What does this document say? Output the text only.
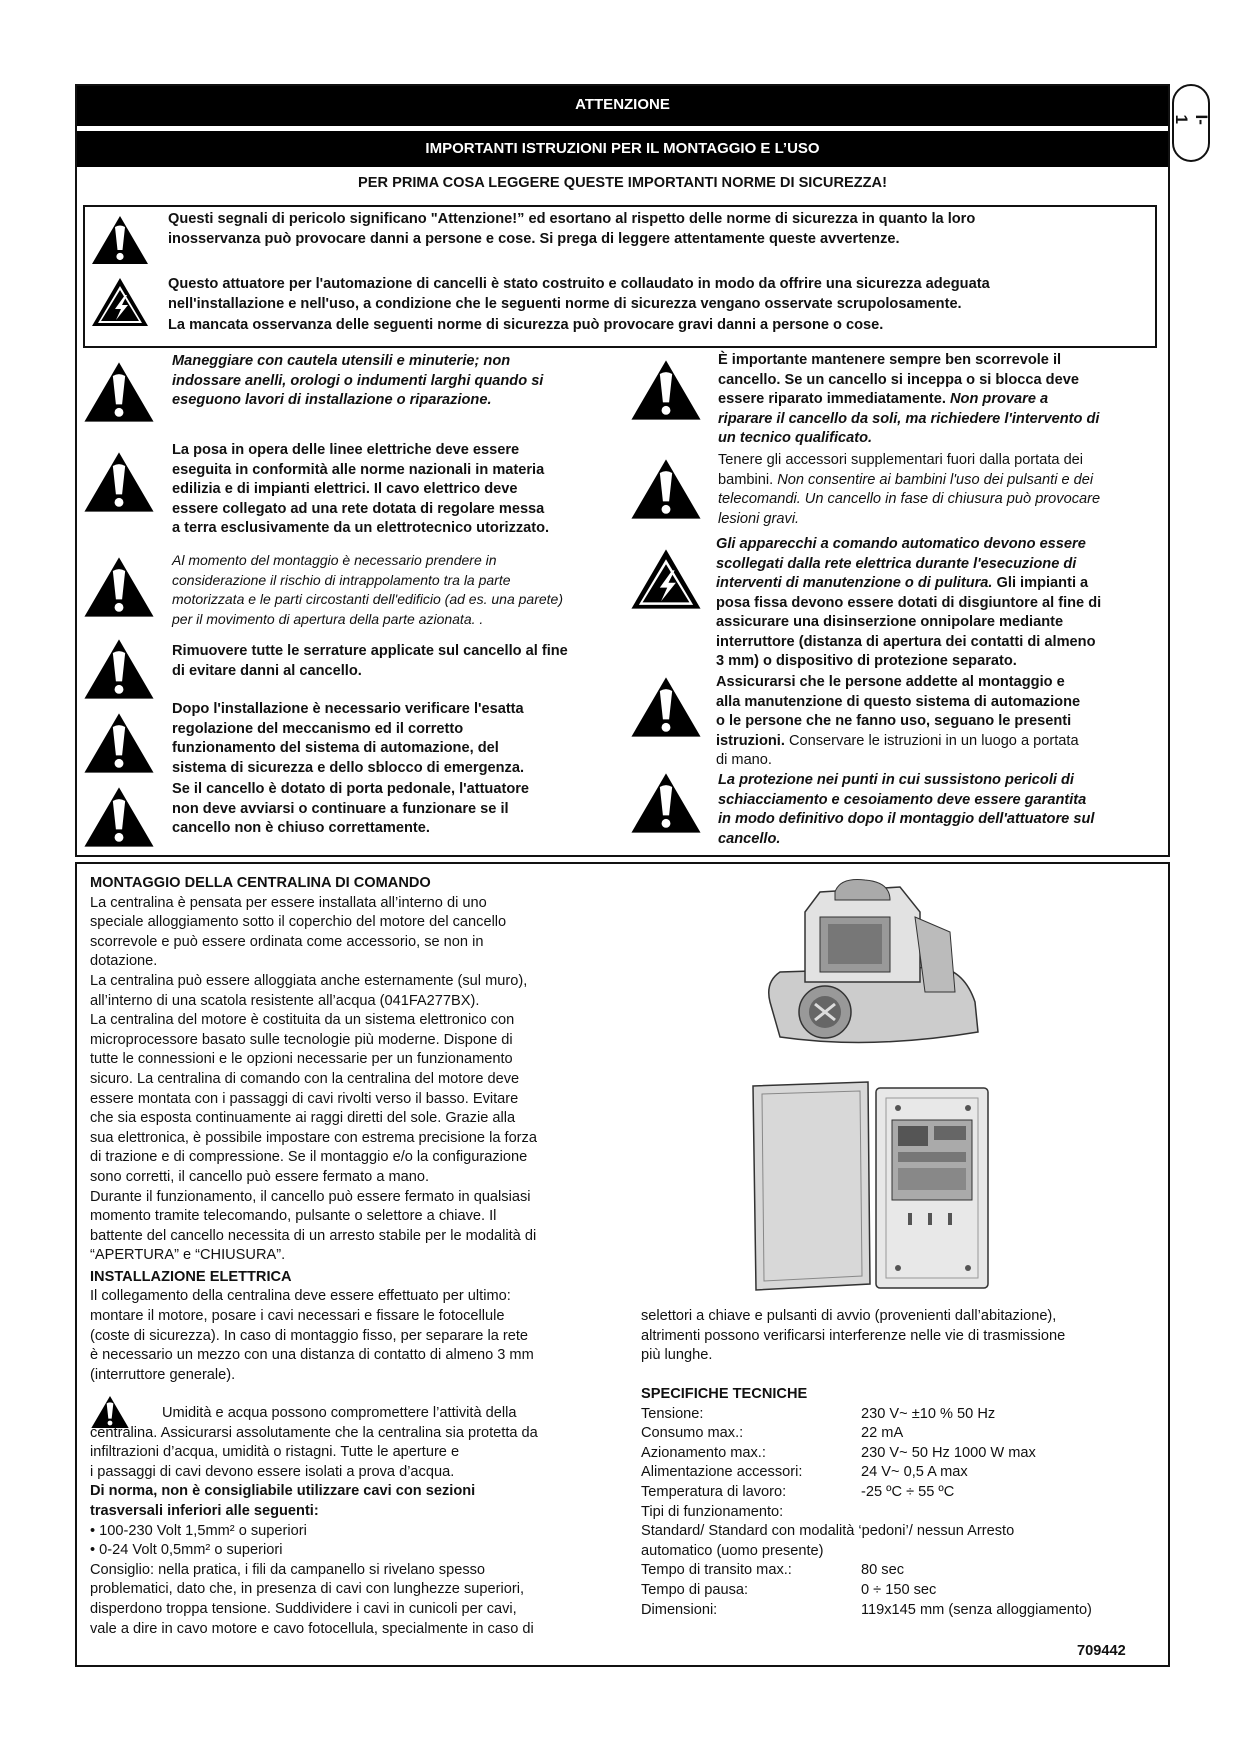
I-1
ATTENZIONE
IMPORTANTI ISTRUZIONI PER IL MONTAGGIO E L’USO
PER PRIMA COSA LEGGERE QUESTE IMPORTANTI NORME DI SICUREZZA!
Questi segnali di pericolo significano "Attenzione!” ed esortano al rispetto delle norme di sicurezza in quanto la loro
inosservanza può provocare danni a persone e cose. Si prega di leggere attentamente queste avvertenze.
Questo attuatore per l'automazione di cancelli è stato costruito e collaudato in modo da offrire una sicurezza adeguata
nell'installazione e nell'uso, a condizione che le seguenti norme di sicurezza vengano osservate scrupolosamente.
La mancata osservanza delle seguenti norme di sicurezza può provocare gravi danni a persone o cose.
Maneggiare con cautela utensili e minuterie; non
indossare anelli, orologi o indumenti larghi quando si
eseguono lavori di installazione o riparazione.
La posa in opera delle linee elettriche deve essere
eseguita in conformità alle norme nazionali in materia
edilizia e di impianti elettrici. Il cavo elettrico deve
essere collegato ad una rete dotata di regolare messa
a terra esclusivamente da un elettrotecnico utorizzato.
Al momento del montaggio è necessario prendere in
considerazione il rischio di intrappolamento tra la parte
motorizzata e le parti circostanti dell'edificio (ad es. una parete)
per il movimento di apertura della parte azionata. .
Rimuovere tutte le serrature applicate sul cancello al fine
di evitare danni al cancello.
Dopo l'installazione è necessario verificare l'esatta
regolazione del meccanismo ed il corretto
funzionamento del sistema di automazione, del
sistema di sicurezza e dello sblocco di emergenza.
Se il cancello è dotato di porta pedonale, l'attuatore
non deve avviarsi o continuare a funzionare se il
cancello non è chiuso correttamente.
È importante mantenere sempre ben scorrevole il
cancello. Se un cancello si inceppa o si blocca deve
essere riparato immediatamente. Non provare a
riparare il cancello da soli, ma richiedere l'intervento di
un tecnico qualificato.
Tenere gli accessori supplementari fuori dalla portata dei
bambini. Non consentire ai bambini l'uso dei pulsanti e dei
telecomandi. Un cancello in fase di chiusura può provocare
lesioni gravi.
Gli apparecchi a comando automatico devono essere
scollegati dalla rete elettrica durante l'esecuzione di
interventi di manutenzione o di pulitura. Gli impianti a
posa fissa devono essere dotati di disgiuntore al fine di
assicurare una disinserzione onnipolare mediante
interruttore (distanza di apertura dei contatti di almeno
3 mm) o dispositivo di protezione separato.
Assicurarsi che le persone addette al montaggio e
alla manutenzione di questo sistema di automazione
o le persone che ne fanno uso, seguano le presenti
istruzioni. Conservare le istruzioni in un luogo a portata
di mano.
La protezione nei punti in cui sussistono pericoli di
schiacciamento e cesoiamento deve essere garantita
in modo definitivo dopo il montaggio dell'attuatore sul
cancello.
MONTAGGIO DELLA CENTRALINA DI COMANDO
La centralina è pensata per essere installata all’interno di uno
speciale alloggiamento sotto il coperchio del motore del cancello
scorrevole e può essere ordinata come accessorio, se non in
dotazione.
La centralina può essere alloggiata anche esternamente (sul muro),
all’interno di una scatola resistente all’acqua (041FA277BX).
La centralina del motore è costituita da un sistema elettronico con
microprocessore basato sulle tecnologie più moderne. Dispone di
tutte le connessioni e le opzioni necessarie per un funzionamento
sicuro. La centralina di comando con la centralina del motore deve
essere montata con i passaggi di cavi rivolti verso il basso. Evitare
che sia esposta continuamente ai raggi diretti del sole. Grazie alla
sua elettronica, è possibile impostare con estrema precisione la forza
di trazione e di compressione. Se il montaggio e/o la configurazione
sono corretti, il cancello può essere fermato a mano.
Durante il funzionamento, il cancello può essere fermato in qualsiasi
momento tramite telecomando, pulsante o selettore a chiave. Il
battente del cancello necessita di un arresto stabile per le modalità di
“APERTURA” e “CHIUSURA”.
INSTALLAZIONE ELETTRICA
Il collegamento della centralina deve essere effettuato per ultimo:
montare il motore, posare i cavi necessari e fissare le fotocellule
(coste di sicurezza). In caso di montaggio fisso, per separare la rete
è necessario un mezzo con una distanza di contatto di almeno 3 mm
(interruttore generale).
Umidità e acqua possono compromettere l’attività della
centralina. Assicurarsi assolutamente che la centralina sia protetta da
infiltrazioni d’acqua, umidità o ristagni. Tutte le aperture e
i passaggi di cavi devono essere isolati a prova d’acqua.
Di norma, non è consigliabile utilizzare cavi con sezioni
trasversali inferiori alle seguenti:
• 100-230 Volt 1,5mm² o superiori
• 0-24 Volt 0,5mm² o superiori
Consiglio: nella pratica, i fili da campanello si rivelano spesso
problematici, dato che, in presenza di cavi con lunghezze superiori,
disperdono troppa tensione. Suddividere i cavi in cunicoli per cavi,
vale a dire in cavo motore e cavo fotocellula, specialmente in caso di
selettori a chiave e pulsanti di avvio (provenienti dall’abitazione),
altrimenti possono verificarsi interferenze nelle vie di trasmissione
più lunghe.
SPECIFICHE TECNICHE
Tensione:	230 V~ ±10 % 50 Hz
Consumo max.:	22 mA
Azionamento max.:	230 V~ 50 Hz 1000 W max
Alimentazione accessori:	24 V~ 0,5 A max
Temperatura di lavoro:	-25 ºC ÷ 55 ºC
Tipi di funzionamento:
Standard/ Standard con modalità ‘pedoni’/ nessun Arresto
automatico (uomo presente)
Tempo di transito max.:	80 sec
Tempo di pausa:	0 ÷ 150 sec
Dimensioni:	119x145 mm (senza alloggiamento)
709442
